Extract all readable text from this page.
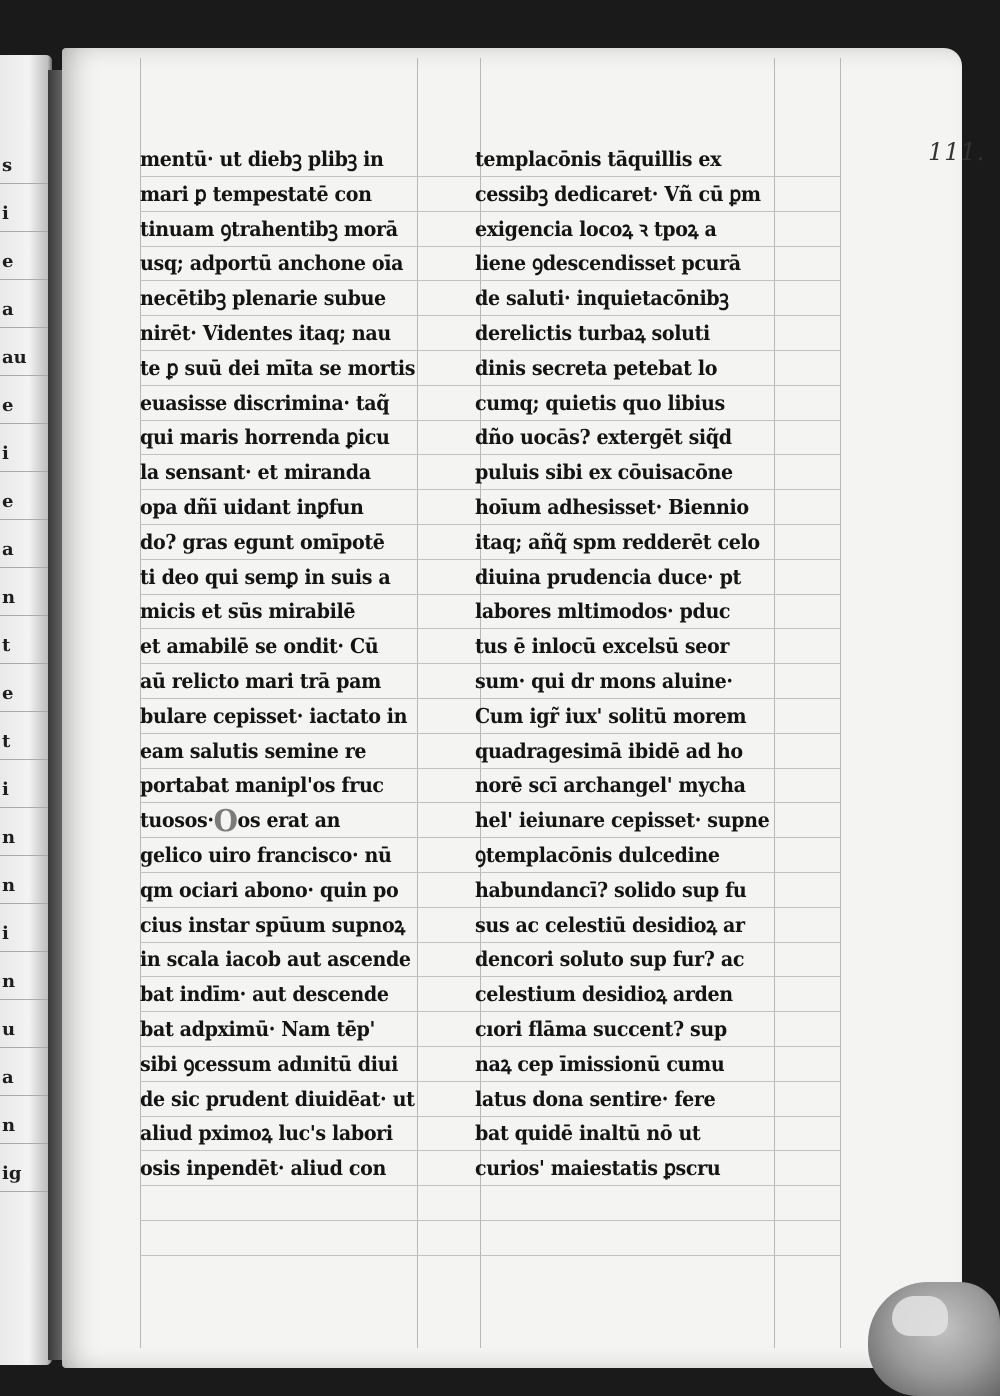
s
i
e
a
au
e
i
e
a
n
t
e
t
i
n
n
i
n
u
a
n
ig
111.
mentū· ut diebꝫ plibꝫ in
mari ꝑ tempestatē con
tinuam ꝯtrahentibꝫ morā
usq; adportū anchone oīa
necētibꝫ plenarie subue
nirēt· Videntes itaq; nau
te ꝑ suū dei mīta se mortis
euasisse discrimina· taq̃
qui maris horrenda ꝑicu
la sensant· et miranda
opa dñī uidant inꝑfun
do? gras egunt omīpotē
ti deo qui semꝑ in suis a
micis et sūs mirabilē
et amabilē se ondit· Cū
aū relicto mari trā pam
bulare cepisset· iactato in
eam salutis semine re
portabat manipl'os fruc
tuosos·Oos erat an
gelico uiro francisco· nū
qm ociari abono· quin po
cius instar spūum supnoꝝ
in scala iacob aut ascende
bat indīm· aut descende
bat adpximū· Nam tēp'
sibi ꝯcessum adınitū diui
de sic prudent diuidēat· ut
aliud pximoꝝ luc's labori
osis inpendēt· aliud con
templacōnis tāquillis ex
cessibꝫ dedicaret· Vñ cū ꝑm
exigencia locoꝝ ꝛ tpoꝝ a
liene ꝯdescendisset pcurā
de saluti· inquietacōnibꝫ
derelictis turbaꝝ soluti
dinis secreta petebat lo
cumq; quietis quo libius
dño uocās? extergēt siq̃d
puluis sibi ex cōuisacōne
hoīum adhesisset· Biennio
itaq; añq̃ spm redderēt celo
diuina prudencia duce· pt
labores mltimodos· pduc
tus ē inlocū excelsū seor
sum· qui dr mons aluine·
Cum igr̃ iux' solitū morem
quadragesimā ibidē ad ho
norē scī archangel' mycha
hel' ieiunare cepisset· supne
ꝯtemplacōnis dulcedine
habundancī? solido sup fu
sus ac celestiū desidioꝝ ar
dencori soluto sup fur? ac
celestium desidioꝝ arden
cıori flāma succent? sup
naꝝ cep īmissionū cumu
latus dona sentire· fere
bat quidē inaltū nō ut
curios' maiestatis ꝑscru
